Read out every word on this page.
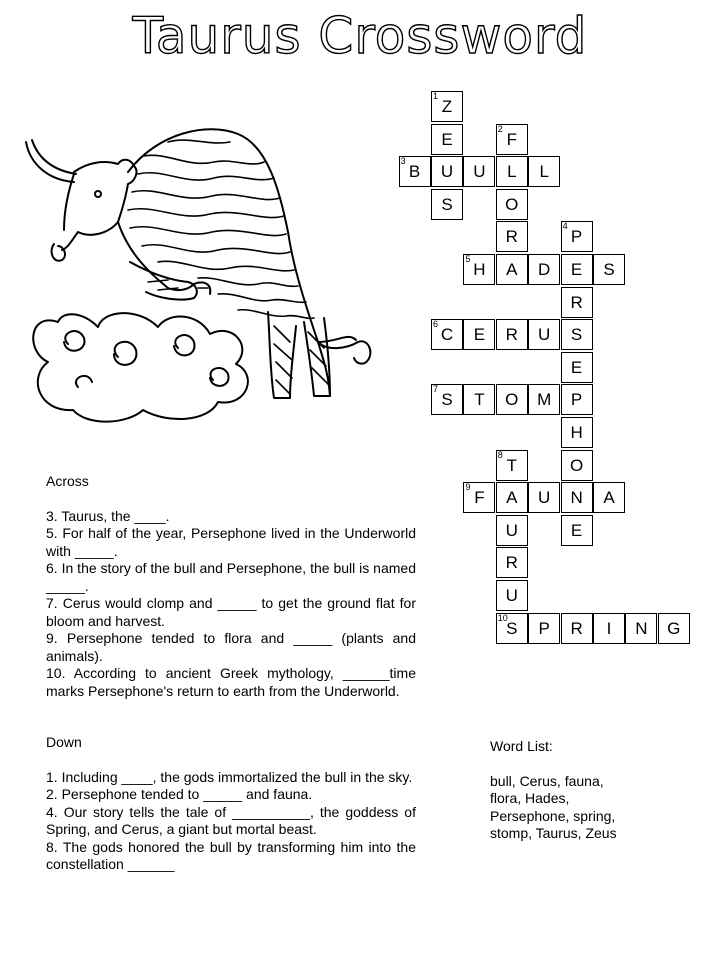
Taurus Crossword
1
Z
E
U
S
2
F
L
O
R
A
3
B	U	L
4
P
E
R
S
E
P
H
O
N
E
5
H	D	S
6
C	E	R	U
7
S	T	O	M
8
T
A
U
R
U
10
S
9
F	U	A
P	R	I	N	G
Across

3. Taurus, the ____.

5. For half of the year, Persephone lived in the Underworld with _____.

6. In the story of the bull and Persephone, the bull is named _____.

7. Cerus would clomp and _____ to get the ground flat for bloom and harvest.

9. Persephone tended to flora and _____ (plants and animals).

10. According to ancient Greek mythology, ______time marks Persephone's return to earth from the Underworld.

Down

1. Including ____, the gods immortalized the bull in the sky.

2. Persephone tended to _____ and fauna.

4. Our story tells the tale of __________, the goddess of Spring, and Cerus, a giant but mortal beast.

8. The gods honored the bull by transforming him into the constellation ______

Word List:
bull, Cerus, fauna,
flora, Hades,
Persephone, spring,
stomp, Taurus, Zeus
